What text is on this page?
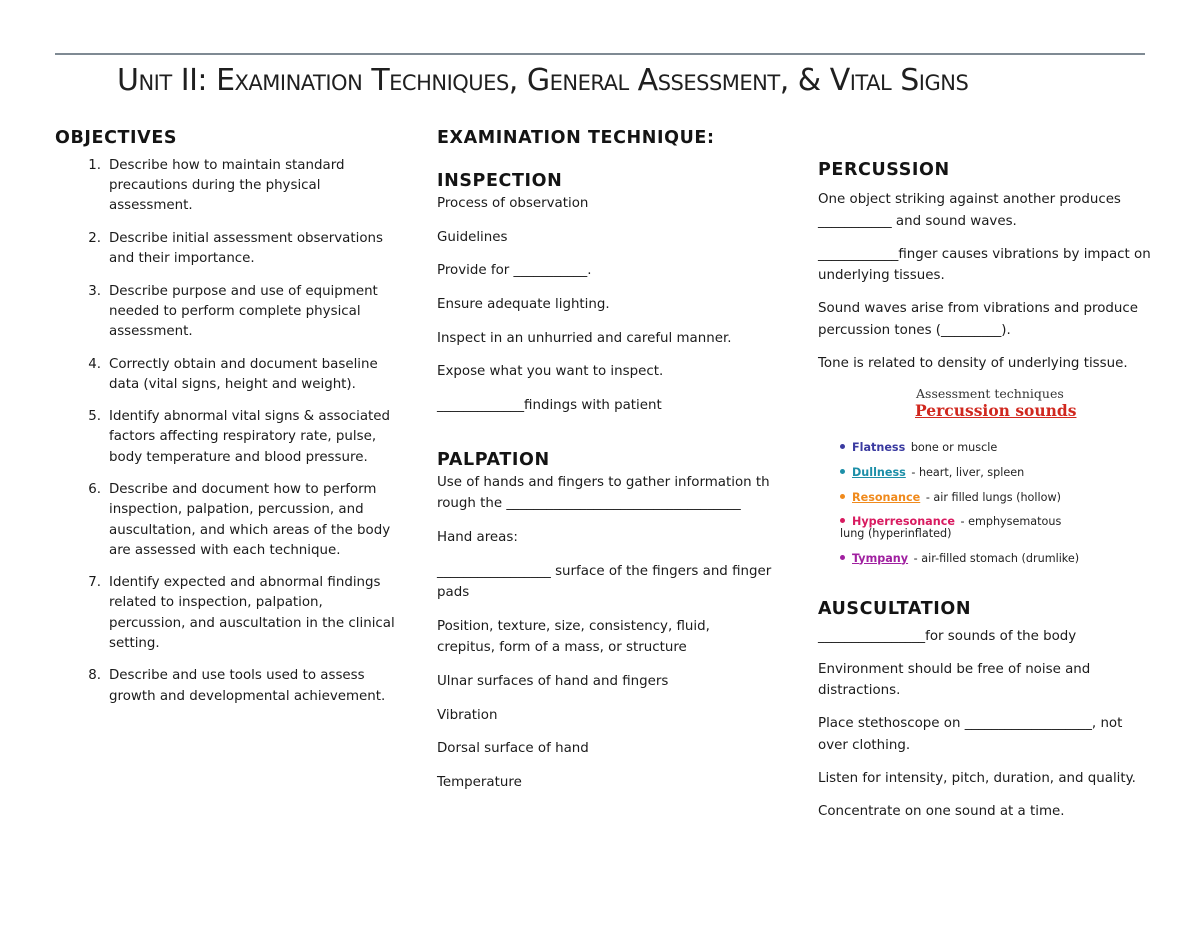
Unit II: Examination Techniques, General Assessment, & Vital Signs
OBJECTIVES
1. Describe how to maintain standard precautions during the physical assessment.
2. Describe initial assessment observations and their importance.
3. Describe purpose and use of equipment needed to perform complete physical assessment.
4. Correctly obtain and document baseline data (vital signs, height and weight).
5. Identify abnormal vital signs & associated factors affecting respiratory rate, pulse, body temperature and blood pressure.
6. Describe and document how to perform inspection, palpation, percussion, and auscultation, and which areas of the body are assessed with each technique.
7. Identify expected and abnormal findings related to inspection, palpation, percussion, and auscultation in the clinical setting.
8. Describe and use tools used to assess growth and developmental achievement.
EXAMINATION TECHNIQUE:
INSPECTION

Process of observation

Guidelines

Provide for ___________.

Ensure adequate lighting.

Inspect in an unhurried and careful manner.

Expose what you want to inspect.

_____________findings with patient

PALPATION

Use of hands and fingers to gather information through the ___________________________________

Hand areas:

_________________ surface of the fingers and finger pads

Position, texture, size, consistency, fluid, crepitus, form of a mass, or structure

Ulnar surfaces of hand and fingers

Vibration

Dorsal surface of hand

Temperature

PERCUSSION

One object striking against another produces ___________ and sound waves.

____________finger causes vibrations by impact on underlying tissues.

Sound waves arise from vibrations and produce percussion tones (_________).

Tone is related to density of underlying tissue.

Assessment techniques
Percussion sounds
Flatness bone or muscle
Dullness - heart, liver, spleen
Resonance - air filled lungs (hollow)
Hyperresonance - emphysematous lung (hyperinflated)
Tympany - air-filled stomach (drumlike)
AUSCULTATION

________________for sounds of the body

Environment should be free of noise and distractions.

Place stethoscope on ___________________, not over clothing.

Listen for intensity, pitch, duration, and quality.

Concentrate on one sound at a time.
